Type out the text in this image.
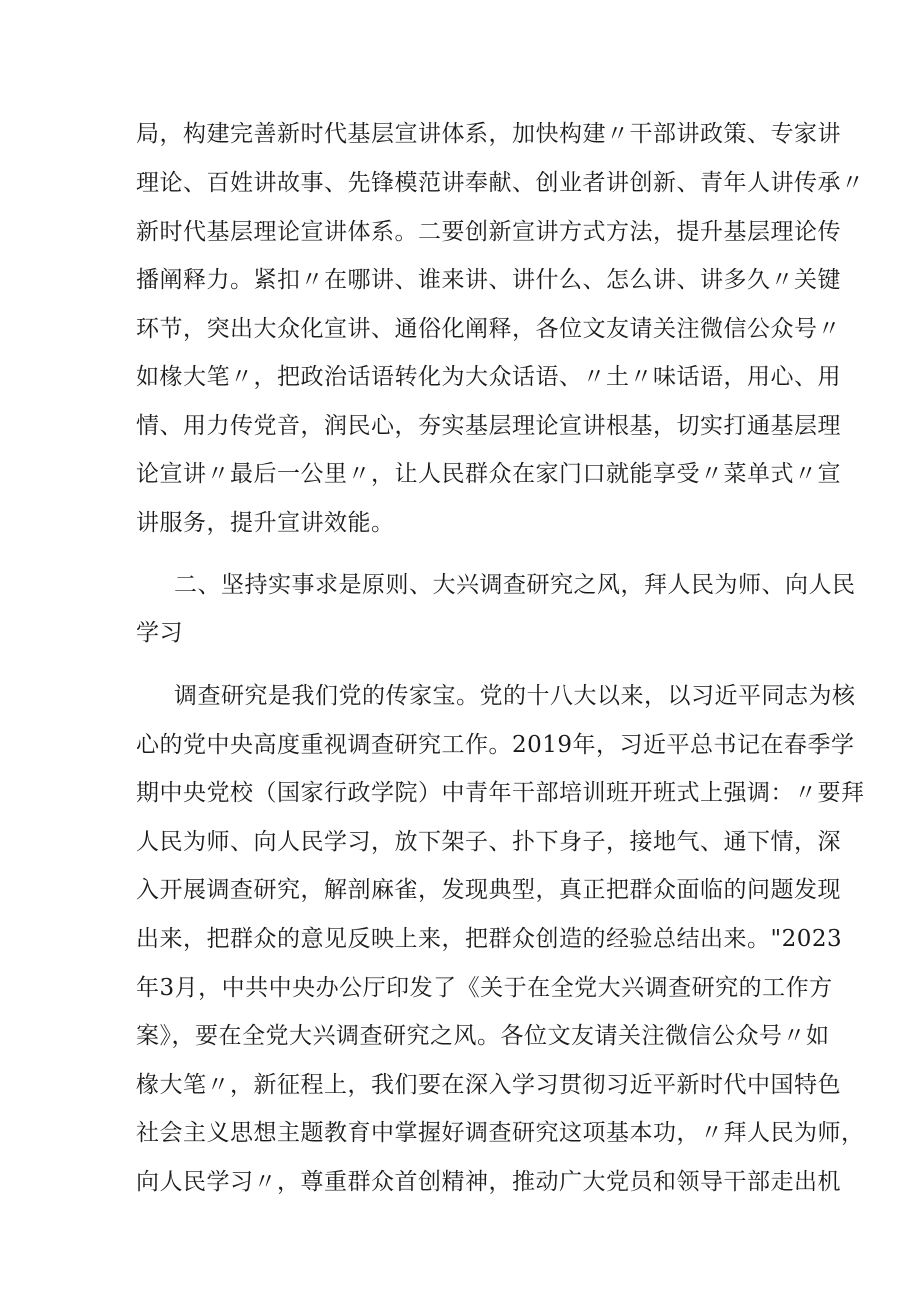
局，构建完善新时代基层宣讲体系，加快构建〃干部讲政策、专家讲
理论、百姓讲故事、先锋模范讲奉献、创业者讲创新、青年人讲传承〃
新时代基层理论宣讲体系。二要创新宣讲方式方法，提升基层理论传
播阐释力。紧扣〃在哪讲、谁来讲、讲什么、怎么讲、讲多久〃关键
环节，突出大众化宣讲、通俗化阐释，各位文友请关注微信公众号〃
如椽大笔〃，把政治话语转化为大众话语、〃土〃味话语，用心、用
情、用力传党音，润民心，夯实基层理论宣讲根基，切实打通基层理
论宣讲〃最后一公里〃，让人民群众在家门口就能享受〃菜单式〃宣
讲服务，提升宣讲效能。
二、坚持实事求是原则、大兴调查研究之风，拜人民为师、向人民
学习
调查研究是我们党的传家宝。党的十八大以来，以习近平同志为核
心的党中央高度重视调查研究工作。2019年，习近平总书记在春季学
期中央党校（国家行政学院）中青年干部培训班开班式上强调：〃要拜
人民为师、向人民学习，放下架子、扑下身子，接地气、通下情，深
入开展调查研究，解剖麻雀，发现典型，真正把群众面临的问题发现
出来，把群众的意见反映上来，把群众创造的经验总结出来。"2023
年3月，中共中央办公厅印发了《关于在全党大兴调查研究的工作方
案》，要在全党大兴调查研究之风。各位文友请关注微信公众号〃如
椽大笔〃，新征程上，我们要在深入学习贯彻习近平新时代中国特色
社会主义思想主题教育中掌握好调查研究这项基本功，〃拜人民为师，
向人民学习〃，尊重群众首创精神，推动广大党员和领导干部走出机
